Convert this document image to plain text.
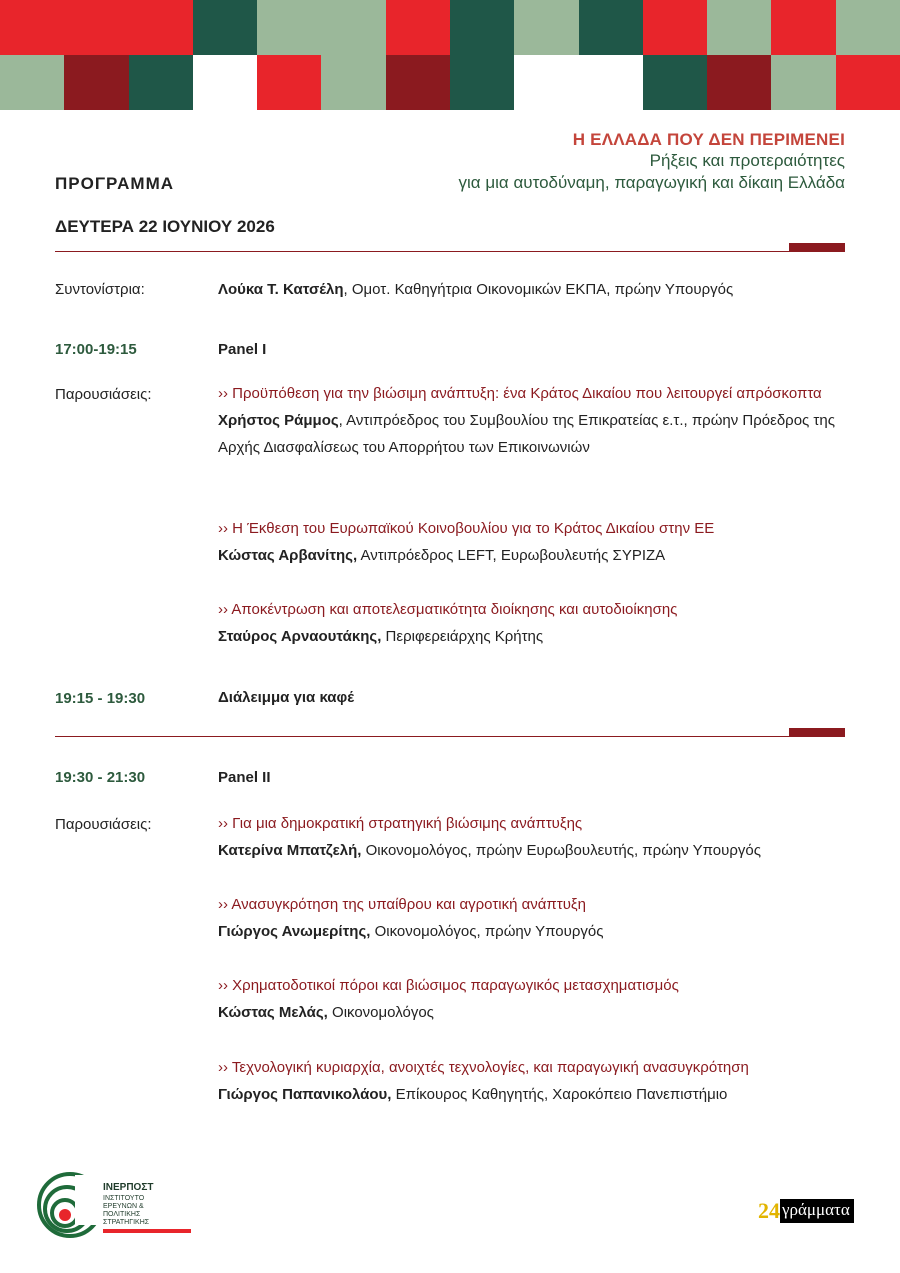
Η ΕΛΛΑΔΑ ΠΟΥ ΔΕΝ ΠΕΡΙΜΕΝΕΙ
Ρήξεις και προτεραιότητες
για μια αυτοδύναμη, παραγωγική και δίκαιη Ελλάδα
ΠΡΟΓΡΑΜΜΑ
ΔΕΥΤΕΡΑ 22 ΙΟΥΝΙΟΥ 2026
Συντονίστρια:	Λούκα Τ. Κατσέλη, Ομοτ. Καθηγήτρια Οικονομικών ΕΚΠΑ, πρώην Υπουργός
17:00-19:15	Panel I
Παρουσιάσεις:	›› Προϋπόθεση για την βιώσιμη ανάπτυξη: ένα Κράτος Δικαίου που λειτουργεί απρόσκοπτα
Χρήστος Ράμμος, Αντιπρόεδρος του Συμβουλίου της Επικρατείας ε.τ., πρώην Πρόεδρος της Αρχής Διασφαλίσεως του Απορρήτου των Επικοινωνιών
›› Η Έκθεση του Ευρωπαϊκού Κοινοβουλίου για το Κράτος Δικαίου στην ΕΕ
Κώστας Αρβανίτης, Αντιπρόεδρος LEFT, Ευρωβουλευτής ΣΥΡΙΖΑ
›› Αποκέντρωση και αποτελεσματικότητα διοίκησης και αυτοδιοίκησης
Σταύρος Αρναουτάκης, Περιφερειάρχης Κρήτης
19:15 - 19:30	Διάλειμμα για καφέ
19:30 - 21:30	Panel II
Παρουσιάσεις:	›› Για μια δημοκρατική στρατηγική βιώσιμης ανάπτυξης
Κατερίνα Μπατζελή, Οικονομολόγος, πρώην Ευρωβουλευτής, πρώην Υπουργός
›› Ανασυγκρότηση της υπαίθρου και αγροτική ανάπτυξη
Γιώργος Ανωμερίτης, Οικονομολόγος, πρώην Υπουργός
›› Χρηματοδοτικοί πόροι και βιώσιμος παραγωγικός μετασχηματισμός
Κώστας Μελάς, Οικονομολόγος
›› Τεχνολογική κυριαρχία, ανοιχτές τεχνολογίες, και παραγωγική ανασυγκρότηση
Γιώργος Παπανικολάου, Επίκουρος Καθηγητής, Χαροκόπειο Πανεπιστήμιο
ΙΝΕΡΠΟΣΤ
ΙΝΣΤΙΤΟΥΤΟ
ΕΡΕΥΝΩΝ &
ΠΟΛΙΤΙΚΗΣ
ΣΤΡΑΤΗΓΙΚΗΣ	24 γράμματα
